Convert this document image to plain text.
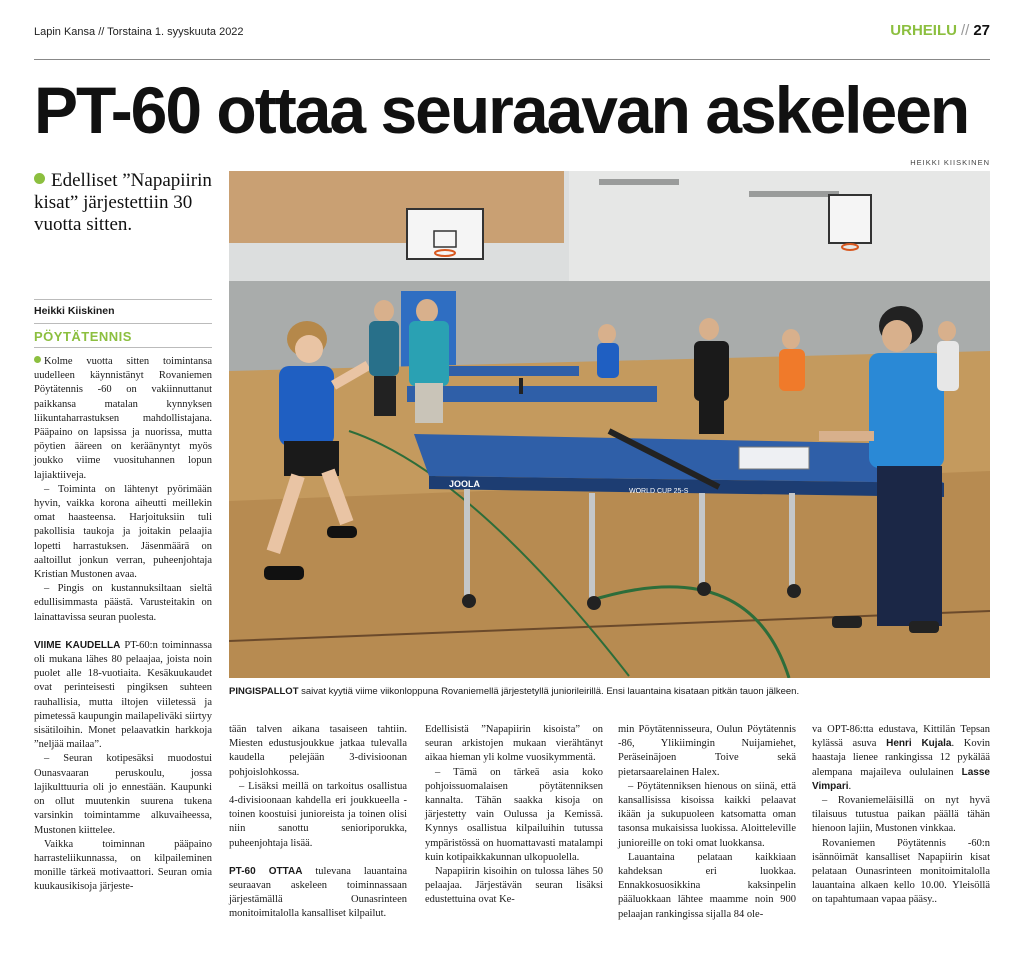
Lapin Kansa // Torstaina 1. syyskuuta 2022	URHEILU // 27
PT-60 ottaa seuraavan askeleen
Edelliset ”Napapiirin kisat” järjestettiin 30 vuotta sitten.
Heikki Kiiskinen
PÖYTÄTENNIS

Kolme vuotta sitten toimintansa uudelleen käynnistänyt Rovaniemen Pöytätennis -60 on vakiinnuttanut paikkansa matalan kynnyksen liikuntaharrastuksen mahdollistajana. Pääpaino on lapsissa ja nuorissa, mutta pöytien ääreen on keräänyntyt myös joukko viime vuosituhannen lopun lajiaktiiveja.

– Toiminta on lähtenyt pyörimään hyvin, vaikka korona aiheutti meillekin omat haasteensa. Harjoituksiin tuli pakollisia taukoja ja joitakin pelaajia lopetti harrastuksen. Jäsenmäärä on aaltoillut jonkun verran, puheenjohtaja Kristian Mustonen avaa.

– Pingis on kustannuksiltaan sieltä edullisimmasta päästä. Varusteitakin on lainattavissa seuran puolesta.

VIIME KAUDELLA PT-60:n toiminnassa oli mukana lähes 80 pelaajaa, joista noin puolet alle 18-vuotiaita. Kesäkuukaudet ovat perinteisesti pingiksen suhteen rauhallisia, mutta iltojen viiletessä ja pimetessä kaupungin mailapeliväki siirtyy sisätiloihin. Monet pelaavatkin harkkoja ”neljää mailaa”.

– Seuran kotipesäksi muodostui Ounasvaaran peruskoulu, jossa lajikulttuuria oli jo ennestään. Kaupunki on ollut muutenkin suurena tukena varsinkin toimintamme alkuvaiheessa, Mustonen kiittelee.

Vaikka toiminnan pääpaino harrasteliikunnassa, on kilpaileminen monille tärkeä motivaattori. Seuran omia kuukausikisoja järjeste-

HEIKKI KIISKINEN
JOOLA
WORLD CUP 25-S
PINGISPALLOT saivat kyytiä viime viikonloppuna Rovaniemellä järjestetyllä juniorileirillä. Ensi lauantaina kisataan pitkän tauon jälkeen.

tään talven aikana tasaiseen tahtiin. Miesten edustusjoukkue jatkaa tulevalla kaudella pelejään 3-divisioonan pohjoislohkossa.

– Lisäksi meillä on tarkoitus osallistua 4-divisioonaan kahdella eri joukkueella - toinen koostuisi junioreista ja toinen olisi niin sanottu senioriporukka, puheenjohtaja lisää.

PT-60 OTTAA tulevana lauantaina seuraavan askeleen toiminnassaan järjestämällä Ounasrinteen monitoimitalolla kansalliset kilpailut.

Edellisistä ”Napapiirin kisoista” on seuran arkistojen mukaan vierähtänyt aikaa hieman yli kolme vuosikymmentä.

– Tämä on tärkeä asia koko pohjoissuomalaisen pöytätenniksen kannalta. Tähän saakka kisoja on järjestetty vain Oulussa ja Kemissä. Kynnys osallistua kilpailuihin tutussa ympäristössä on huomattavasti matalampi kuin kotipaikkakunnan ulkopuolella.

Napapiirin kisoihin on tulossa lähes 50 pelaajaa. Järjestävän seuran lisäksi edustettuina ovat Ke-

min Pöytätennisseura, Oulun Pöytätennis -86, Ylikiimingin Nuijamiehet, Peräseinäjoen Toive sekä pietarsaarelainen Halex.

– Pöytätenniksen hienous on siinä, että kansallisissa kisoissa kaikki pelaavat ikään ja sukupuoleen katsomatta oman tasonsa mukaisissa luokissa. Aloitteleville junioreille on toki omat luokkansa.

Lauantaina pelataan kaikkiaan kahdeksan eri luokkaa. Ennakkosuosikkina kaksinpelin pääluokkaan lähtee maamme noin 900 pelaajan rankingissa sijalla 84 ole-

va OPT-86:tta edustava, Kittilän Tepsan kylässä asuva Henri Kujala. Kovin haastaja lienee rankingissa 12 pykälää alempana majaileva oululainen Lasse Vimpari.

– Rovaniemeläisillä on nyt hyvä tilaisuus tutustua paikan päällä tähän hienoon lajiin, Mustonen vinkkaa.

Rovaniemen Pöytätennis -60:n isännöimät kansalliset Napapiirin kisat pelataan Ounasrinteen monitoimitalolla lauantaina alkaen kello 10.00. Yleisöllä on tapahtumaan vapaa pääsy..
